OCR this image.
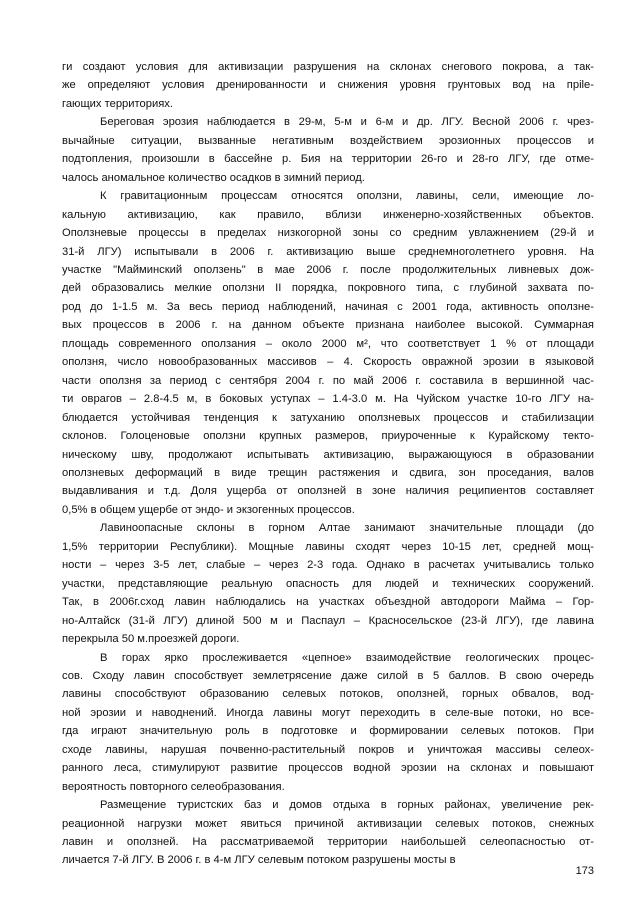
ги создают условия для активизации разрушения на склонах снегового покрова, а так-

же определяют условия дренированности и снижения уровня грунтовых вод на прile-

гающих территориях.

Береговая эрозия наблюдается в 29-м, 5-м и 6-м и др. ЛГУ. Весной 2006 г. чрез-

вычайные ситуации, вызванные негативным воздействием эрозионных процессов и

подтопления, произошли в бассейне р. Бия на территории 26-го и 28-го ЛГУ, где отме-

чалось аномальное количество осадков в зимний период.

К гравитационным процессам относятся оползни, лавины, сели, имеющие ло-

кальную активизацию, как правило, вблизи инженерно-хозяйственных объектов.

Оползневые процессы в пределах низкогорной зоны со средним увлажнением (29-й и

31-й ЛГУ) испытывали в 2006 г. активизацию выше среднемноголетнего уровня. На

участке "Майминский оползень" в мае 2006 г. после продолжительных ливневых дож-

дей образовались мелкие оползни II порядка, покровного типа, с глубиной захвата по-

род до 1-1.5 м. За весь период наблюдений, начиная с 2001 года, активность оползне-

вых процессов в 2006 г. на данном объекте признана наиболее высокой. Суммарная

площадь современного оползания – около 2000 м², что соответствует 1 % от площади

оползня, число новообразованных массивов – 4. Скорость овражной эрозии в языковой

части оползня за период с сентября 2004 г. по май 2006 г. составила в вершинной час-

ти оврагов – 2.8-4.5 м, в боковых уступах – 1.4-3.0 м. На Чуйском участке 10-го ЛГУ на-

блюдается устойчивая тенденция к затуханию оползневых процессов и стабилизации

склонов. Голоценовые оползни крупных размеров, приуроченные к Курайскому текто-

ническому шву, продолжают испытывать активизацию, выражающуюся в образовании

оползневых деформаций в виде трещин растяжения и сдвига, зон проседания, валов

выдавливания и т.д. Доля ущерба от оползней в зоне наличия реципиентов составляет

0,5% в общем ущербе от эндо- и экзогенных процессов.

Лавиноопасные склоны в горном Алтае занимают значительные площади (до

1,5% территории Республики). Мощные лавины сходят через 10-15 лет, средней мощ-

ности – через 3-5 лет, слабые – через 2-3 года. Однако в расчетах учитывались только

участки, представляющие реальную опасность для людей и технических сооружений.

Так, в 2006г.сход лавин наблюдались на участках объездной автодороги Майма – Гор-

но-Алтайск (31-й ЛГУ) длиной 500 м и Паспаул – Красносельское (23-й ЛГУ), где лавина

перекрыла 50 м.проезжей дороги.

В горах ярко прослеживается «цепное» взаимодействие геологических процес-

сов. Сходу лавин способствует землетрясение даже силой в 5 баллов. В свою очередь

лавины способствуют образованию селевых потоков, оползней, горных обвалов, вод-

ной эрозии и наводнений. Иногда лавины могут переходить в селе-вые потоки, но все-

гда играют значительную роль в подготовке и формировании селевых потоков. При

сходе лавины, нарушая почвенно-растительный покров и уничтожая массивы селеох-

ранного леса, стимулируют развитие процессов водной эрозии на склонах и повышают

вероятность повторного селеобразования.

Размещение туристских баз и домов отдыха в горных районах, увеличение рек-

реационной нагрузки может явиться причиной активизации селевых потоков, снежных

лавин и оползней. На рассматриваемой территории наибольшей селеопасностью от-

личается 7-й ЛГУ. В 2006 г. в 4-м ЛГУ селевым потоком разрушены мосты в

173
